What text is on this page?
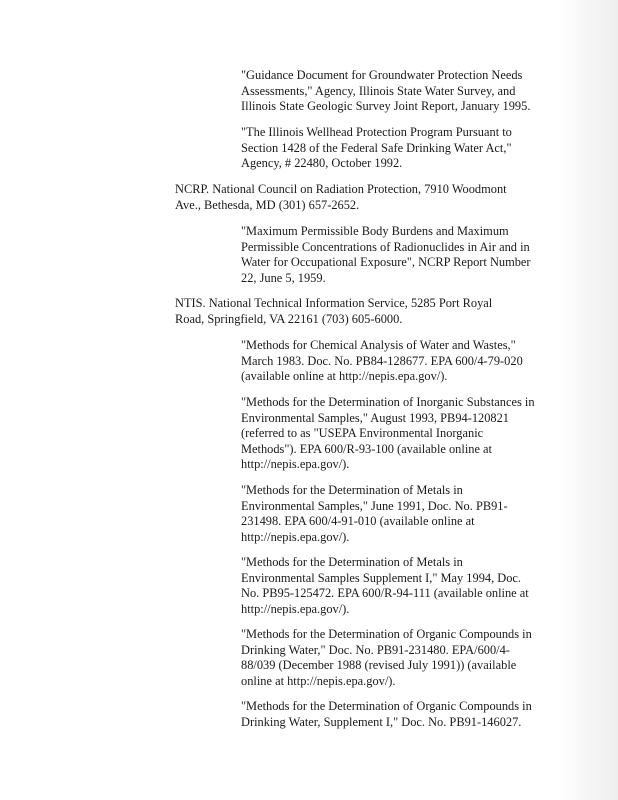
"Guidance Document for Groundwater Protection Needs
Assessments," Agency, Illinois State Water Survey, and
Illinois State Geologic Survey Joint Report, January 1995.
"The Illinois Wellhead Protection Program Pursuant to
Section 1428 of the Federal Safe Drinking Water Act,"
Agency, # 22480, October 1992.
NCRP. National Council on Radiation Protection, 7910 Woodmont
Ave., Bethesda, MD (301) 657-2652.
"Maximum Permissible Body Burdens and Maximum
Permissible Concentrations of Radionuclides in Air and in
Water for Occupational Exposure", NCRP Report Number
22, June 5, 1959.
NTIS. National Technical Information Service, 5285 Port Royal
Road, Springfield, VA 22161 (703) 605-6000.
"Methods for Chemical Analysis of Water and Wastes,"
March 1983. Doc. No. PB84-128677. EPA 600/4-79-020
(available online at http://nepis.epa.gov/).
"Methods for the Determination of Inorganic Substances in
Environmental Samples," August 1993, PB94-120821
(referred to as "USEPA Environmental Inorganic
Methods"). EPA 600/R-93-100 (available online at
http://nepis.epa.gov/).
"Methods for the Determination of Metals in
Environmental Samples," June 1991, Doc. No. PB91-
231498. EPA 600/4-91-010 (available online at
http://nepis.epa.gov/).
"Methods for the Determination of Metals in
Environmental Samples Supplement I," May 1994, Doc.
No. PB95-125472. EPA 600/R-94-111 (available online at
http://nepis.epa.gov/).
"Methods for the Determination of Organic Compounds in
Drinking Water," Doc. No. PB91-231480. EPA/600/4-
88/039 (December 1988 (revised July 1991)) (available
online at http://nepis.epa.gov/).
"Methods for the Determination of Organic Compounds in
Drinking Water, Supplement I," Doc. No. PB91-146027.
